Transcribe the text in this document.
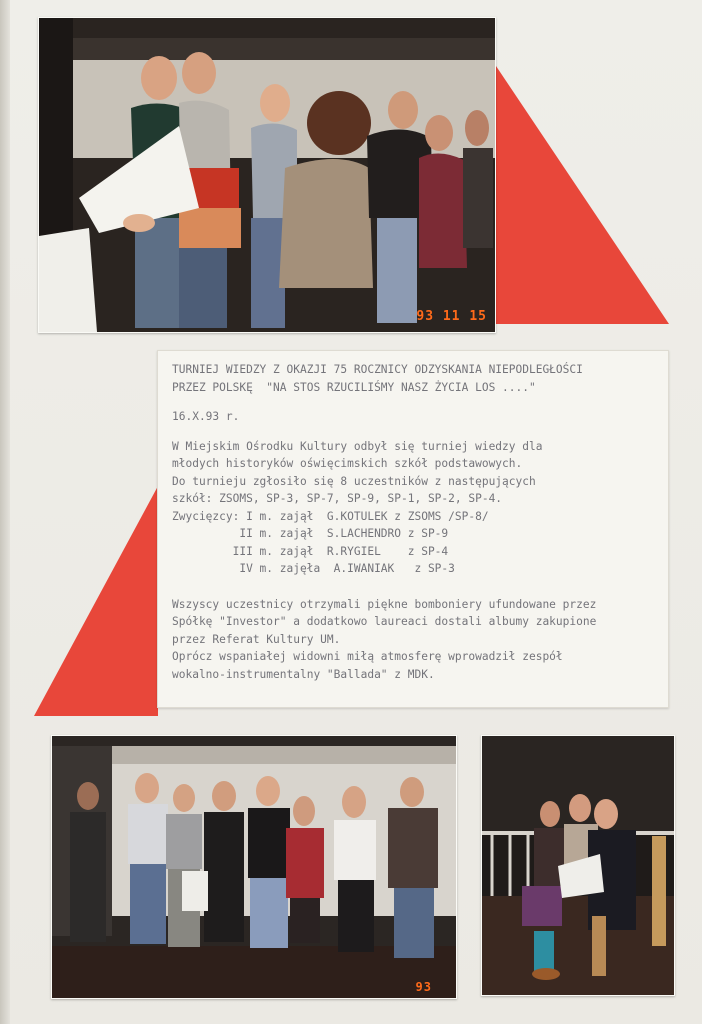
93 11 15

TURNIEJ WIEDZY Z OKAZJI 75 ROCZNICY ODZYSKANIA NIEPODLEGŁOŚCI

PRZEZ POLSKĘ  "NA STOS RZUCILIŚMY NASZ ŻYCIA LOS ...."

16.X.93 r.

W Miejskim Ośrodku Kultury odbył się turniej wiedzy dla

młodych historyków oświęcimskich szkół podstawowych.

Do turnieju zgłosiło się 8 uczestników z następujących

szkół: ZSOMS, SP-3, SP-7, SP-9, SP-1, SP-2, SP-4.

Zwycięzcy: I m. zajął  G.KOTULEK z ZSOMS /SP-8/

II m. zajął  S.LACHENDRO z SP-9

III m. zajął  R.RYGIEL    z SP-4

IV m. zajęła  A.IWANIAK   z SP-3

Wszyscy uczestnicy otrzymali piękne bomboniery ufundowane przez

Spółkę "Investor" a dodatkowo laureaci dostali albumy zakupione

przez Referat Kultury UM.

Oprócz wspaniałej widowni miłą atmosferę wprowadził zespół

wokalno-instrumentalny "Ballada" z MDK.

93
